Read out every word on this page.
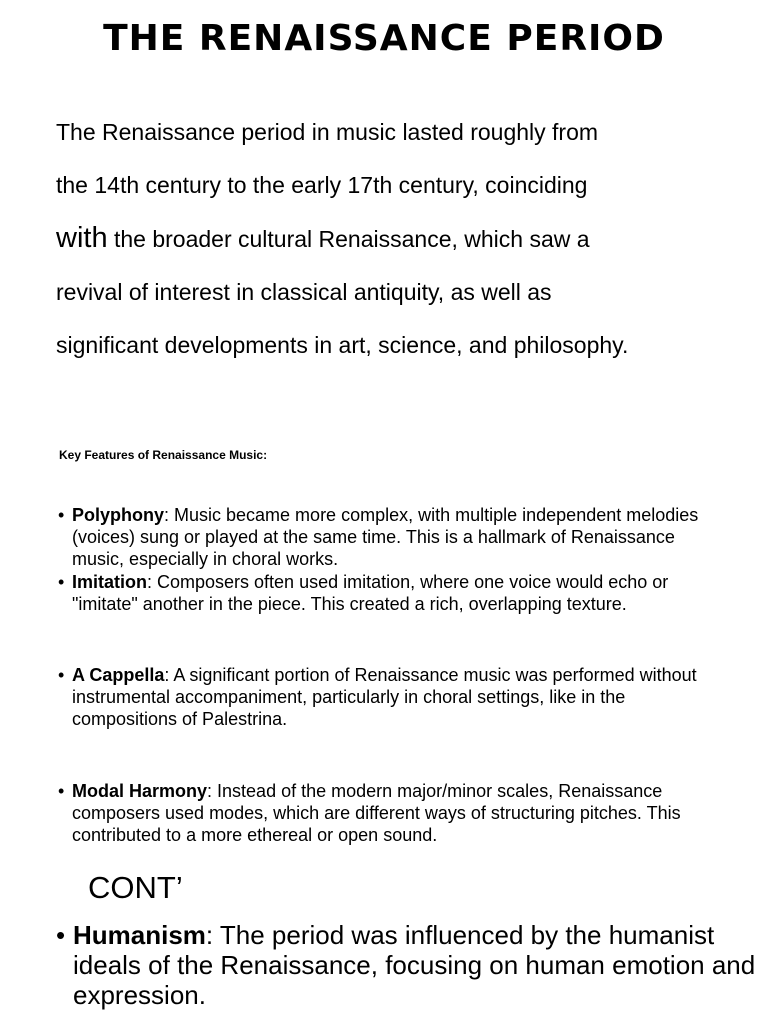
THE RENAISSANCE PERIOD

The Renaissance period in music lasted roughly from
the 14th century to the early 17th century, coinciding
with the broader cultural Renaissance, which saw a
revival of interest in classical antiquity, as well as
significant developments in art, science, and philosophy.

Key Features of Renaissance Music:

• Polyphony: Music became more complex, with multiple independent melodies (voices) sung or played at the same time. This is a hallmark of Renaissance music, especially in choral works.
• Imitation: Composers often used imitation, where one voice would echo or "imitate" another in the piece. This created a rich, overlapping texture.
• A Cappella: A significant portion of Renaissance music was performed without instrumental accompaniment, particularly in choral settings, like in the compositions of Palestrina.
• Modal Harmony: Instead of the modern major/minor scales, Renaissance composers used modes, which are different ways of structuring pitches. This contributed to a more ethereal or open sound.

CONT’

• Humanism: The period was influenced by the humanist ideals of the Renaissance, focusing on human emotion and expression.
